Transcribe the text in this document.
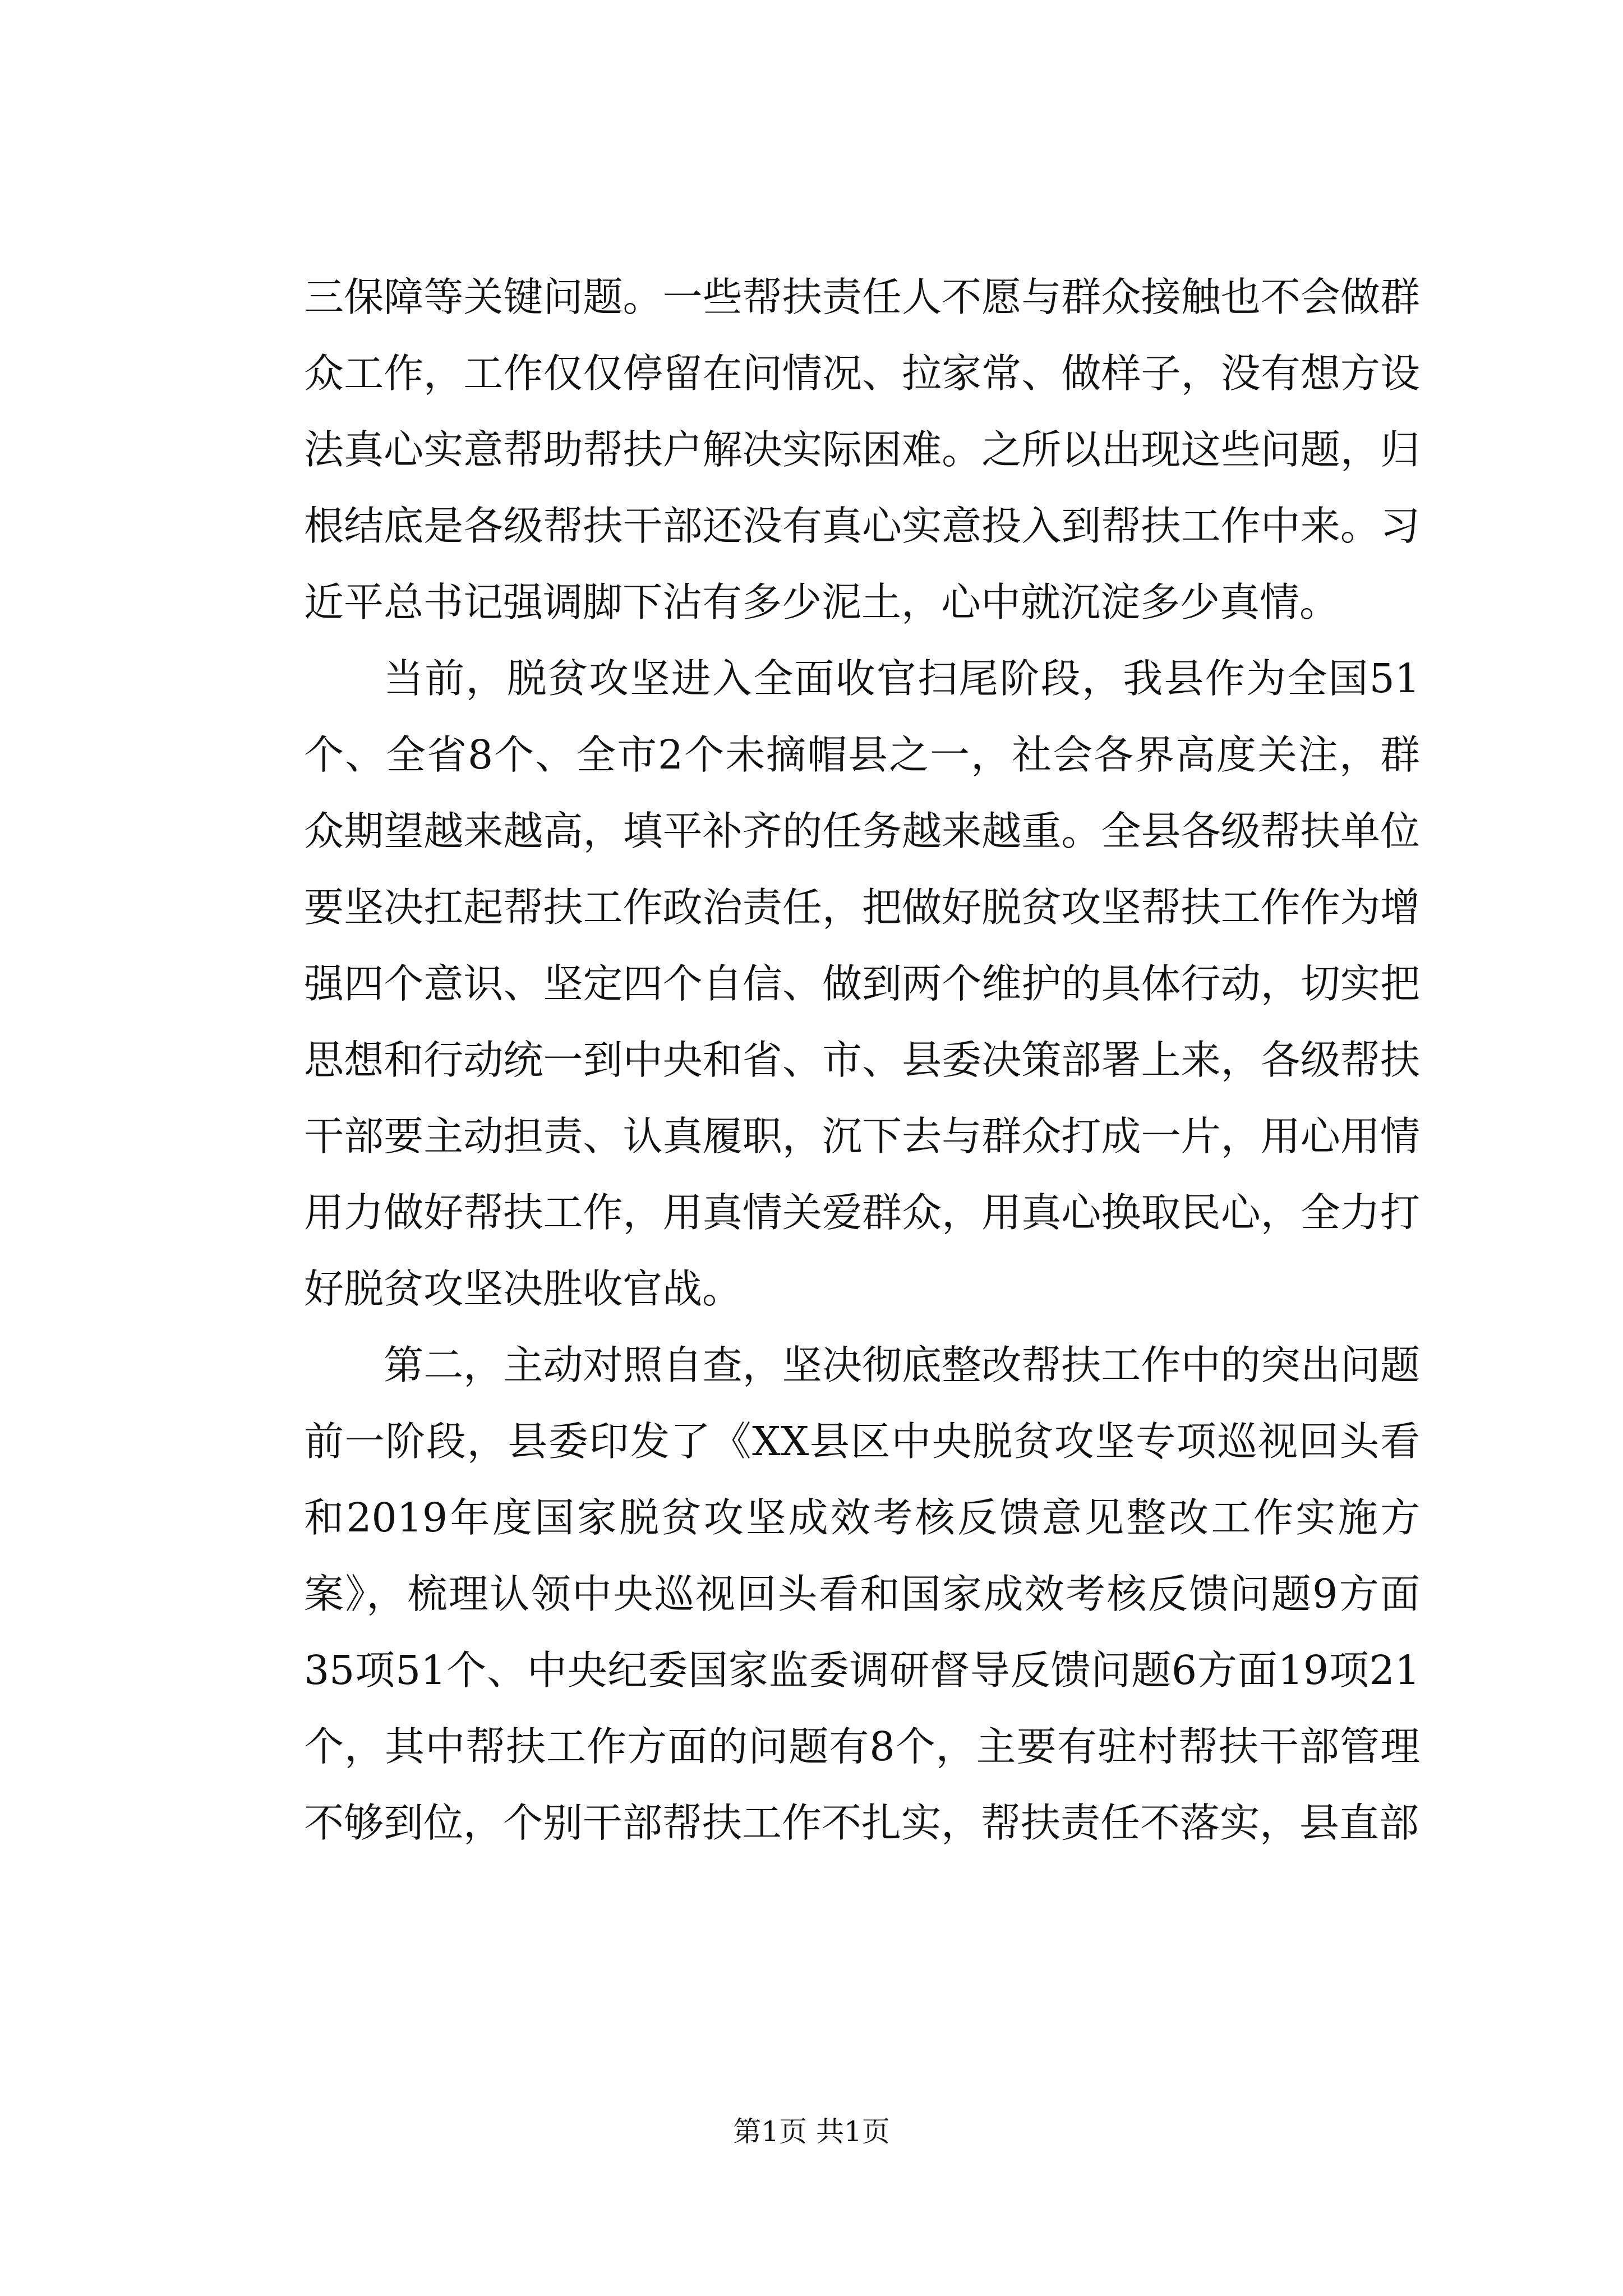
三保障等关键问题。一些帮扶责任人不愿与群众接触也不会做群众工作，工作仅仅停留在问情况、拉家常、做样子，没有想方设法真心实意帮助帮扶户解决实际困难。之所以出现这些问题，归根结底是各级帮扶干部还没有真心实意投入到帮扶工作中来。习近平总书记强调脚下沾有多少泥土，心中就沉淀多少真情。

当前，脱贫攻坚进入全面收官扫尾阶段，我县作为全国51个、全省8个、全市2个未摘帽县之一，社会各界高度关注，群众期望越来越高，填平补齐的任务越来越重。全县各级帮扶单位要坚决扛起帮扶工作政治责任，把做好脱贫攻坚帮扶工作作为增强四个意识、坚定四个自信、做到两个维护的具体行动，切实把思想和行动统一到中央和省、市、县委决策部署上来，各级帮扶干部要主动担责、认真履职，沉下去与群众打成一片，用心用情用力做好帮扶工作，用真情关爱群众，用真心换取民心，全力打好脱贫攻坚决胜收官战。

第二，主动对照自查，坚决彻底整改帮扶工作中的突出问题前一阶段，县委印发了《XX县区中央脱贫攻坚专项巡视回头看和2019年度国家脱贫攻坚成效考核反馈意见整改工作实施方案》，梳理认领中央巡视回头看和国家成效考核反馈问题9方面35项51个、中央纪委国家监委调研督导反馈问题6方面19项21个，其中帮扶工作方面的问题有8个，主要有驻村帮扶干部管理不够到位，个别干部帮扶工作不扎实，帮扶责任不落实，县直部

第1页 共1页
